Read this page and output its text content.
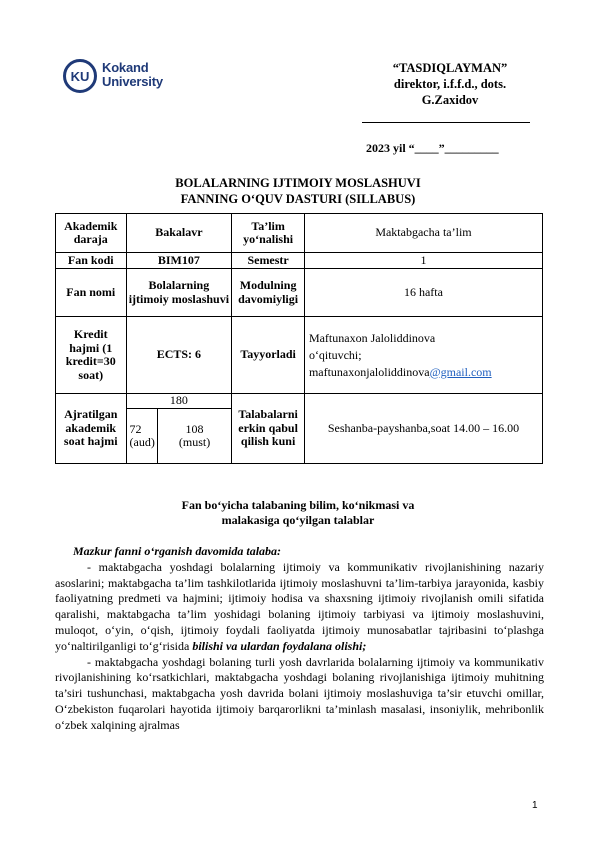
KU
Kokand
University
“TASDIQLAYMAN”
direktor, i.f.f.d., dots.
G.Zaxidov
2023 yil “____”_________
BOLALARNING IJTIMOIY MOSLASHUVI
FANNING O‘QUV DASTURI (SILLABUS)
Akademik daraja	Bakalavr		Ta’lim yo‘nalishi	Maktabgacha ta’lim
Fan kodi	BIM107		Semestr	1
Fan nomi	Bolalarning ijtimoiy moslashuvi		Modulning davomiyligi	16 hafta
Kredit hajmi (1 kredit=30 soat)	ECTS: 6		Tayyorladi	Maftunaxon Jaloliddinova
o‘qituvchi;
maftunaxonjaloliddinova@gmail.com

Ajratilgan akademik soat hajmi	180		Talabalarni erkin qabul qilish kuni	Seshanba-payshanba,soat 14.00 – 16.00
	72 (aud)	108 (must)		
Fan bo‘yicha talabaning bilim, ko‘nikmasi va
malakasiga qo‘yilgan talablar

Mazkur fanni o‘rganish davomida talaba:

- maktabgacha yoshdagi bolalarning ijtimoiy va kommunikativ rivojlanishining nazariy asoslarini; maktabgacha ta’lim tashkilotlarida ijtimoiy moslashuvni ta’lim-tarbiya jarayonida, kasbiy faoliyatning predmeti va hajmini; ijtimoiy hodisa va shaxsning ijtimoiy rivojlanish omili sifatida qaralishi, maktabgacha ta’lim yoshidagi bolaning ijtimoiy tarbiyasi va ijtimoiy moslashuvini, muloqot, o‘yin, o‘qish, ijtimoiy foydali faoliyatda ijtimoiy munosabatlar tajribasini to‘plashga yo‘naltirilganligi to‘g‘risida bilishi va ulardan foydalana olishi;

- maktabgacha yoshdagi bolaning turli yosh davrlarida bolalarning ijtimoiy va kommunikativ rivojlanishining ko‘rsatkichlari, maktabgacha yoshdagi bolaning rivojlanishiga ijtimoiy muhitning ta’siri tushunchasi, maktabgacha yosh davrida bolani ijtimoiy moslashuviga ta’sir etuvchi omillar, O‘zbekiston fuqarolari hayotida ijtimoiy barqarorlikni ta’minlash masalasi, insoniylik, mehribonlik o‘zbek xalqining ajralmas

1
